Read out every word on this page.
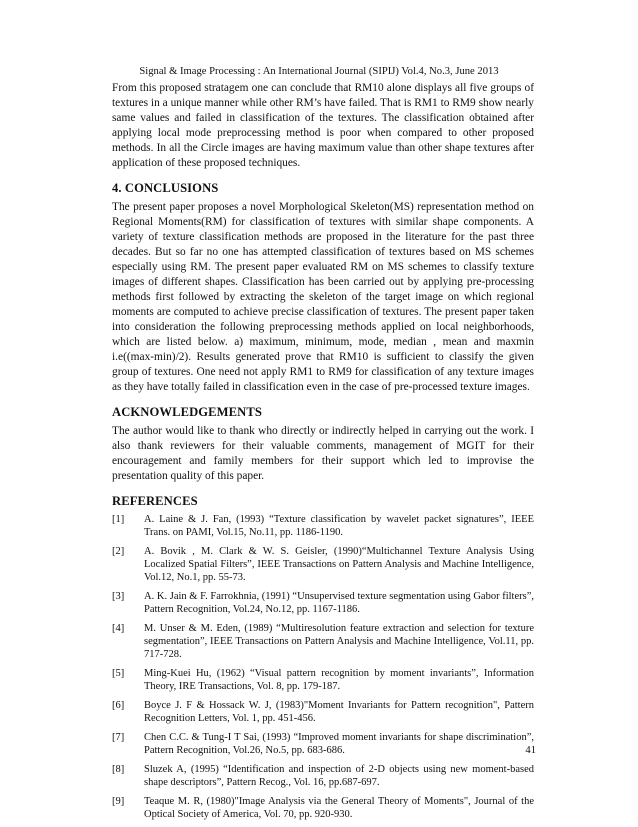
Signal & Image Processing : An International Journal (SIPIJ) Vol.4, No.3, June 2013

From this proposed stratagem one can conclude that RM10 alone displays all five groups of textures in a unique manner while other RM’s have failed. That is RM1 to RM9 show nearly same values and failed in classification of the textures. The classification obtained after applying local mode preprocessing method is poor when compared to other proposed methods. In all the Circle images are having maximum value than other shape textures after application of these proposed techniques.

4. CONCLUSIONS

The present paper proposes a novel Morphological Skeleton(MS) representation method on Regional Moments(RM) for classification of textures with similar shape components. A variety of texture classification methods are proposed in the literature for the past three decades. But so far no one has attempted classification of textures based on MS schemes especially using RM. The present paper evaluated RM on MS schemes to classify texture images of different shapes. Classification has been carried out by applying pre-processing methods first followed by extracting the skeleton of the target image on which regional moments are computed to achieve precise classification of textures. The present paper taken into consideration the following preprocessing methods applied on local neighborhoods, which are listed below. a) maximum, minimum, mode, median , mean and maxmin i.e((max-min)/2). Results generated prove that RM10 is sufficient to classify the given group of textures. One need not apply RM1 to RM9 for classification of any texture images as they have totally failed in classification even in the case of pre-processed texture images.

ACKNOWLEDGEMENTS

The author would like to thank who directly or indirectly helped in carrying out the work. I also thank reviewers for their valuable comments, management of MGIT for their encouragement and family members for their support which led to improvise the presentation quality of this paper.

REFERENCES
[1]	A. Laine & J. Fan, (1993) “Texture classification by wavelet packet signatures”, IEEE Trans. on PAMI, Vol.15, No.11, pp. 1186-1190.
[2]	A. Bovik , M. Clark & W. S. Geisler, (1990)“Multichannel Texture Analysis Using Localized Spatial Filters”, IEEE Transactions on Pattern Analysis and Machine Intelligence, Vol.12, No.1, pp. 55-73.
[3]	A. K. Jain & F. Farrokhnia, (1991) “Unsupervised texture segmentation using Gabor filters”, Pattern Recognition, Vol.24, No.12, pp. 1167-1186.
[4]	M. Unser & M. Eden, (1989) “Multiresolution feature extraction and selection for texture segmentation”, IEEE Transactions on Pattern Analysis and Machine Intelligence, Vol.11, pp. 717-728.
[5]	Ming-Kuei Hu, (1962) “Visual pattern recognition by moment invariants”, Information Theory, IRE Transactions, Vol. 8, pp. 179-187.
[6]	Boyce J. F & Hossack W. J, (1983)"Moment Invariants for Pattern recognition", Pattern Recognition Letters, Vol. 1, pp. 451-456.
[7]	Chen C.C. & Tung-I T Sai, (1993) “Improved moment invariants for shape discrimination”, Pattern Recognition, Vol.26, No.5, pp. 683-686.
[8]	Sluzek A, (1995) “Identification and inspection of 2-D objects using new moment-based shape descriptors”, Pattern Recog., Vol. 16, pp.687-697.
[9]	Teaque M. R, (1980)"Image Analysis via the General Theory of Moments", Journal of the Optical Society of America, Vol. 70, pp. 920-930.
41
